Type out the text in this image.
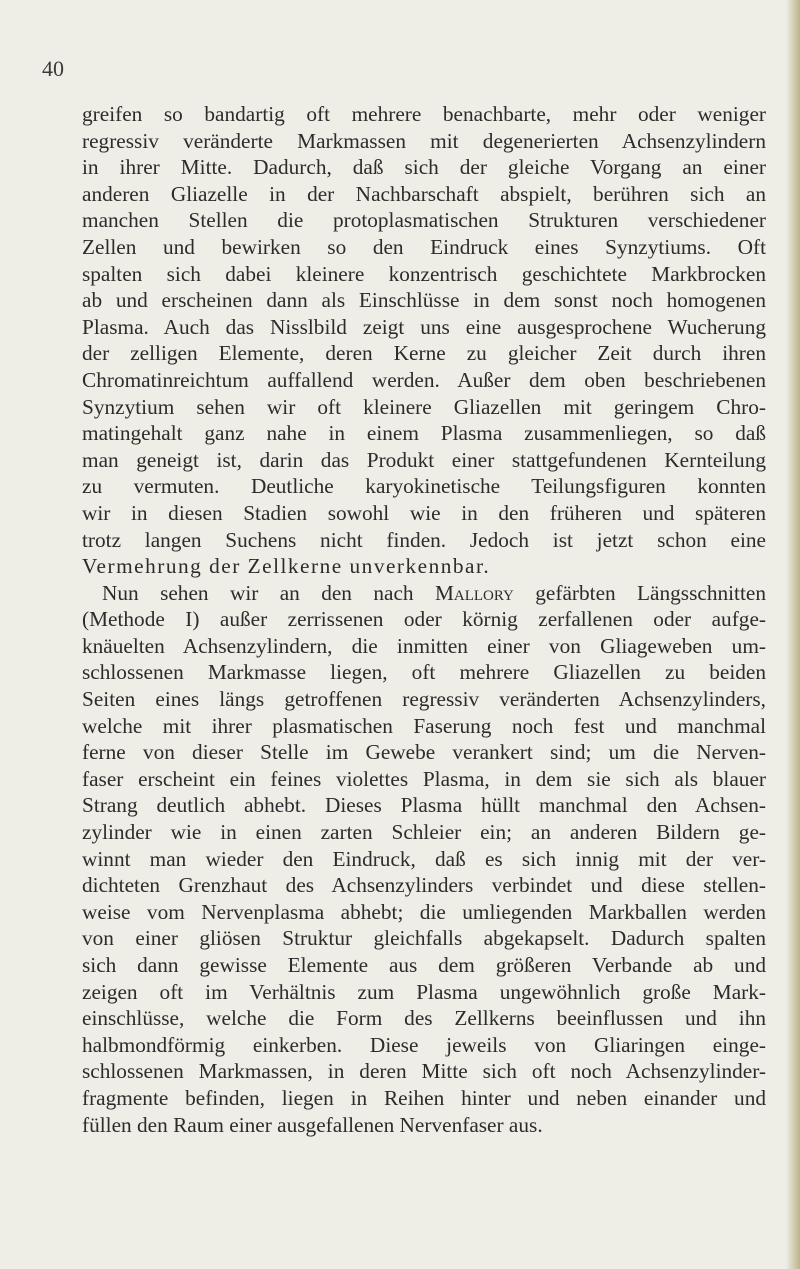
40
greifen so bandartig oft mehrere benachbarte, mehr oder weniger
regressiv veränderte Markmassen mit degenerierten Achsenzylindern
in ihrer Mitte. Dadurch, daß sich der gleiche Vorgang an einer
anderen Gliazelle in der Nachbarschaft abspielt, berühren sich an
manchen Stellen die protoplasmatischen Strukturen verschiedener
Zellen und bewirken so den Eindruck eines Synzytiums. Oft
spalten sich dabei kleinere konzentrisch geschichtete Markbrocken
ab und erscheinen dann als Einschlüsse in dem sonst noch homogenen
Plasma. Auch das Nisslbild zeigt uns eine ausgesprochene Wucherung
der zelligen Elemente, deren Kerne zu gleicher Zeit durch ihren
Chromatinreichtum auffallend werden. Außer dem oben beschriebenen
Synzytium sehen wir oft kleinere Gliazellen mit geringem Chro-
matingehalt ganz nahe in einem Plasma zusammenliegen, so daß
man geneigt ist, darin das Produkt einer stattgefundenen Kernteilung
zu vermuten. Deutliche karyokinetische Teilungsfiguren konnten
wir in diesen Stadien sowohl wie in den früheren und späteren
trotz langen Suchens nicht finden. Jedoch ist jetzt schon eine
Vermehrung der Zellkerne unverkennbar.
Nun sehen wir an den nach Mallory gefärbten Längsschnitten
(Methode I) außer zerrissenen oder körnig zerfallenen oder aufge-
knäuelten Achsenzylindern, die inmitten einer von Gliageweben um-
schlossenen Markmasse liegen, oft mehrere Gliazellen zu beiden
Seiten eines längs getroffenen regressiv veränderten Achsenzylinders,
welche mit ihrer plasmatischen Faserung noch fest und manchmal
ferne von dieser Stelle im Gewebe verankert sind; um die Nerven-
faser erscheint ein feines violettes Plasma, in dem sie sich als blauer
Strang deutlich abhebt. Dieses Plasma hüllt manchmal den Achsen-
zylinder wie in einen zarten Schleier ein; an anderen Bildern ge-
winnt man wieder den Eindruck, daß es sich innig mit der ver-
dichteten Grenzhaut des Achsenzylinders verbindet und diese stellen-
weise vom Nervenplasma abhebt; die umliegenden Markballen werden
von einer gliösen Struktur gleichfalls abgekapselt. Dadurch spalten
sich dann gewisse Elemente aus dem größeren Verbande ab und
zeigen oft im Verhältnis zum Plasma ungewöhnlich große Mark-
einschlüsse, welche die Form des Zellkerns beeinflussen und ihn
halbmondförmig einkerben. Diese jeweils von Gliaringen einge-
schlossenen Markmassen, in deren Mitte sich oft noch Achsenzylinder-
fragmente befinden, liegen in Reihen hinter und neben einander und
füllen den Raum einer ausgefallenen Nervenfaser aus.
